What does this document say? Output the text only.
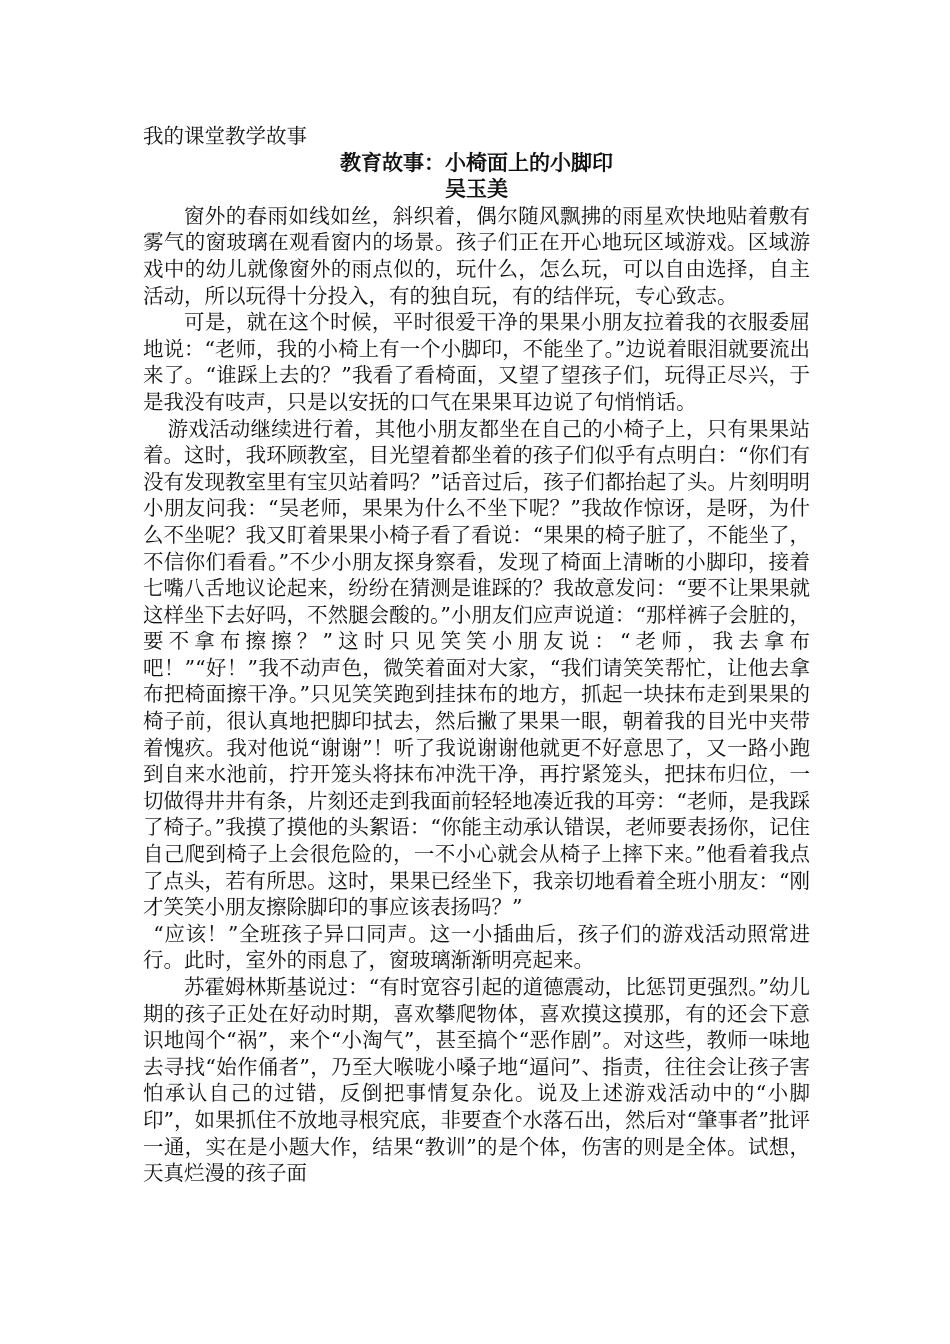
我的课堂教学故事

教育故事：小椅面上的小脚印
吴玉美

窗外的春雨如线如丝，斜织着，偶尔随风飘拂的雨星欢快地贴着敷有雾气的窗玻璃在观看窗内的场景。孩子们正在开心地玩区域游戏。区域游戏中的幼儿就像窗外的雨点似的，玩什么，怎么玩，可以自由选择，自主活动，所以玩得十分投入，有的独自玩，有的结伴玩，专心致志。

可是，就在这个时候，平时很爱干净的果果小朋友拉着我的衣服委屈地说：“老师，我的小椅上有一个小脚印，不能坐了。”边说着眼泪就要流出来了。“谁踩上去的？”我看了看椅面，又望了望孩子们，玩得正尽兴，于是我没有吱声，只是以安抚的口气在果果耳边说了句悄悄话。

游戏活动继续进行着，其他小朋友都坐在自己的小椅子上，只有果果站着。这时，我环顾教室，目光望着都坐着的孩子们似乎有点明白：“你们有没有发现教室里有宝贝站着吗？”话音过后，孩子们都抬起了头。片刻明明小朋友问我：“吴老师，果果为什么不坐下呢？”我故作惊讶，是呀，为什么不坐呢？我又盯着果果小椅子看了看说：“果果的椅子脏了，不能坐了，不信你们看看。”不少小朋友探身察看，发现了椅面上清晰的小脚印，接着七嘴八舌地议论起来，纷纷在猜测是谁踩的？我故意发问：“要不让果果就这样坐下去好吗，不然腿会酸的。”小朋友们应声说道：“那样裤子会脏的，要不拿布擦擦？”这时只见笑笑小朋友说：“老师，我去拿布吧！”“好！”我不动声色，微笑着面对大家，“我们请笑笑帮忙，让他去拿布把椅面擦干净。”只见笑笑跑到挂抹布的地方，抓起一块抹布走到果果的椅子前，很认真地把脚印拭去，然后撇了果果一眼，朝着我的目光中夹带着愧疚。我对他说“谢谢”！听了我说谢谢他就更不好意思了，又一路小跑到自来水池前，拧开笼头将抹布冲洗干净，再拧紧笼头，把抹布归位，一切做得井井有条，片刻还走到我面前轻轻地凑近我的耳旁：“老师，是我踩了椅子。”我摸了摸他的头絮语：“你能主动承认错误，老师要表扬你，记住自己爬到椅子上会很危险的，一不小心就会从椅子上摔下来。”他看着我点了点头，若有所思。这时，果果已经坐下，我亲切地看着全班小朋友：“刚才笑笑小朋友擦除脚印的事应该表扬吗？”

“应该！”全班孩子异口同声。这一小插曲后，孩子们的游戏活动照常进行。此时，室外的雨息了，窗玻璃渐渐明亮起来。

苏霍姆林斯基说过：“有时宽容引起的道德震动，比惩罚更强烈。”幼儿期的孩子正处在好动时期，喜欢攀爬物体，喜欢摸这摸那，有的还会下意识地闯个“祸”，来个“小淘气”，甚至搞个“恶作剧”。对这些，教师一味地去寻找“始作俑者”，乃至大喉咙小嗓子地“逼问”、指责，往往会让孩子害怕承认自己的过错，反倒把事情复杂化。说及上述游戏活动中的“小脚印”，如果抓住不放地寻根究底，非要查个水落石出，然后对“肇事者”批评一通，实在是小题大作，结果“教训”的是个体，伤害的则是全体。试想，天真烂漫的孩子面
